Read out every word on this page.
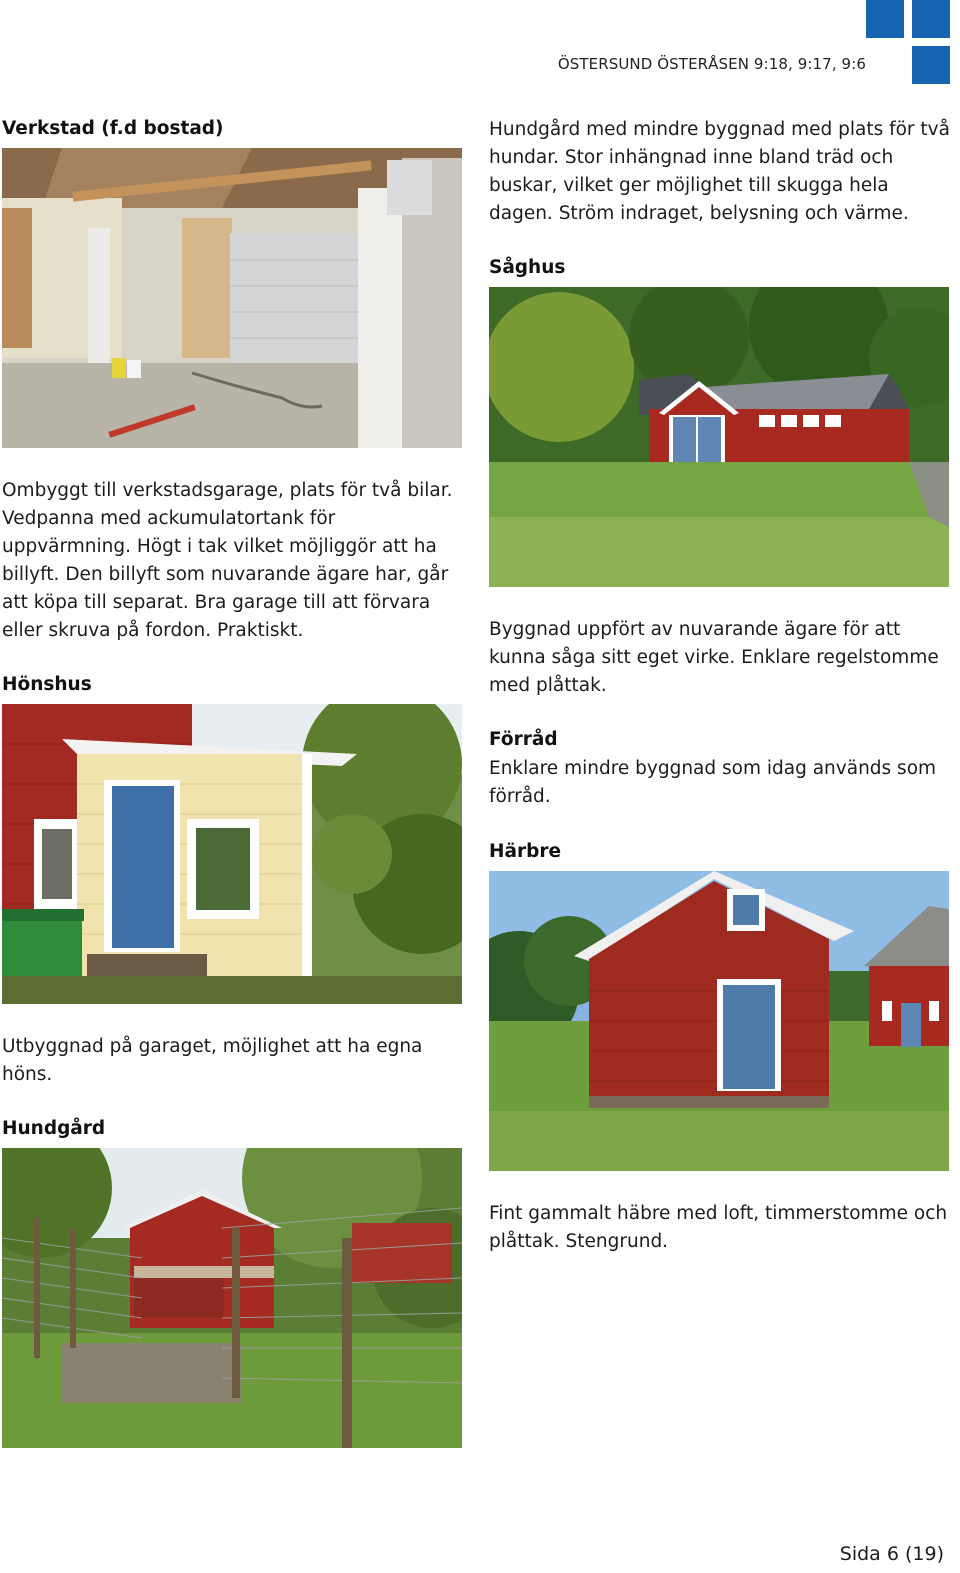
ÖSTERSUND ÖSTERÅSEN 9:18, 9:17, 9:6
Verkstad (f.d bostad)
Ombyggt till verkstadsgarage, plats för två bilar.
Vedpanna med ackumulatortank för
uppvärmning. Högt i tak vilket möjliggör att ha
billyft. Den billyft som nuvarande ägare har, går
att köpa till separat. Bra garage till att förvara
eller skruva på fordon. Praktiskt.
Hönshus
Utbyggnad på garaget, möjlighet att ha egna
höns.
Hundgård
Hundgård med mindre byggnad med plats för två
hundar. Stor inhängnad inne bland träd och
buskar, vilket ger möjlighet till skugga hela
dagen. Ström indraget, belysning och värme.
Såghus
Byggnad uppfört av nuvarande ägare för att
kunna såga sitt eget virke. Enklare regelstomme
med plåttak.
Förråd
Enklare mindre byggnad som idag används som
förråd.
Härbre
Fint gammalt häbre med loft, timmerstomme och
plåttak. Stengrund.
Sida 6 (19)
